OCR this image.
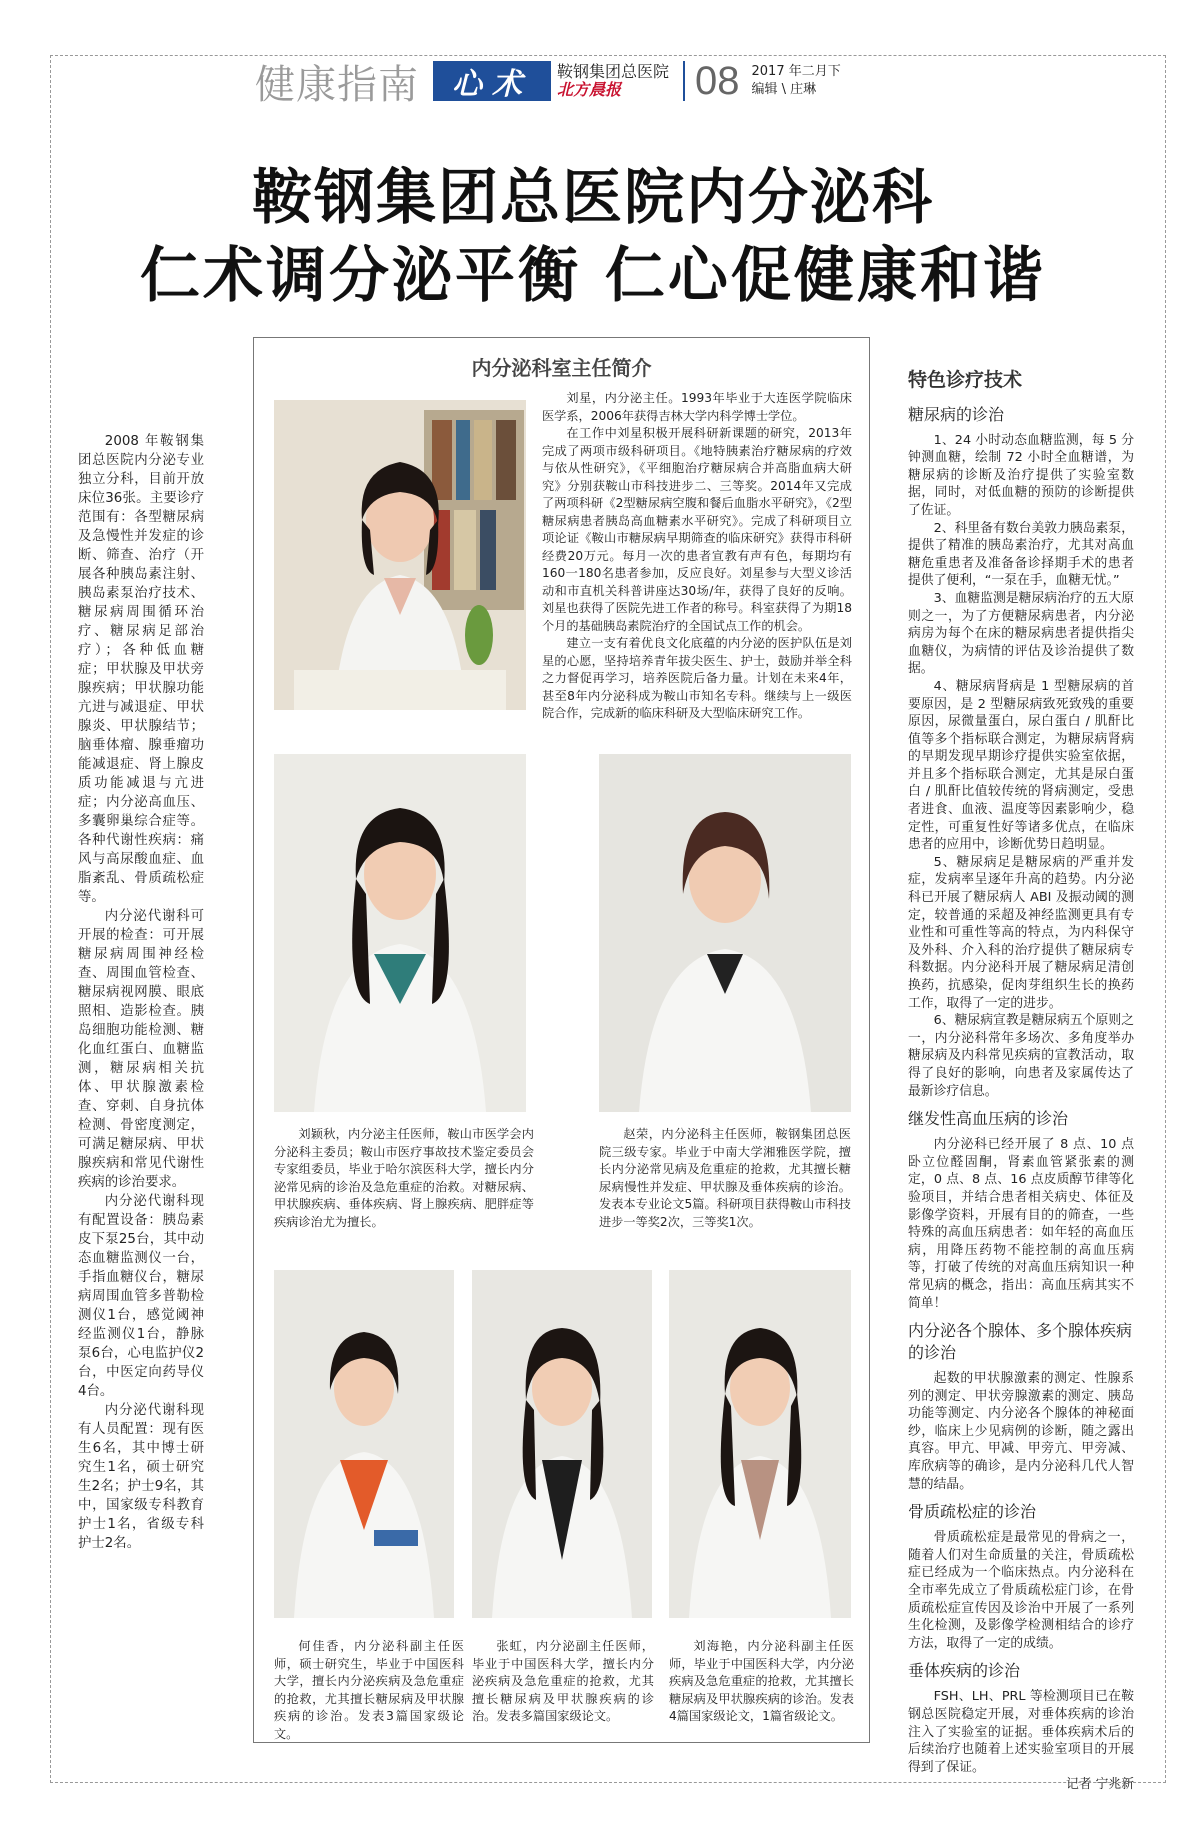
健康指南 心术 鞍钢集团总医院
北方晨报	08 2017 年二月下
编辑 \ 庄琳
鞍钢集团总医院内分泌科
仁术调分泌平衡 仁心促健康和谐

2008 年鞍钢集团总医院内分泌专业独立分科，目前开放床位36张。主要诊疗范围有：各型糖尿病及急慢性并发症的诊断、筛查、治疗（开展各种胰岛素注射、胰岛素泵治疗技术、糖尿病周围循环治疗、糖尿病足部治疗）；各种低血糖症；甲状腺及甲状旁腺疾病；甲状腺功能亢进与减退症、甲状腺炎、甲状腺结节；脑垂体瘤、腺垂瘤功能减退症、肾上腺皮质功能减退与亢进症；内分泌高血压、多囊卵巢综合症等。各种代谢性疾病：痛风与高尿酸血症、血脂紊乱、骨质疏松症等。

内分泌代谢科可开展的检查：可开展糖尿病周围神经检查、周围血管检查、糖尿病视网膜、眼底照相、造影检查。胰岛细胞功能检测、糖化血红蛋白、血糖监测，糖尿病相关抗体、甲状腺激素检查、穿刺、自身抗体检测、骨密度测定，可满足糖尿病、甲状腺疾病和常见代谢性疾病的诊治要求。

内分泌代谢科现有配置设备：胰岛素皮下泵25台，其中动态血糖监测仪一台，手指血糖仪台，糖尿病周围血管多普勒检测仪1台，感觉阈神经监测仪1台，静脉泵6台，心电监护仪2台，中医定向药导仪4台。

内分泌代谢科现有人员配置：现有医生6名，其中博士研究生1名，硕士研究生2名；护士9名，其中，国家级专科教育护士1名，省级专科护士2名。

内分泌科室主任简介

刘星，内分泌主任。1993年毕业于大连医学院临床医学系，2006年获得吉林大学内科学博士学位。

在工作中刘星积极开展科研新课题的研究，2013年完成了两项市级科研项目。《地特胰素治疗糖尿病的疗效与依从性研究》，《平细胞治疗糖尿病合并高脂血病大研究》分别获鞍山市科技进步二、三等奖。2014年又完成了两项科研《2型糖尿病空腹和餐后血脂水平研究》，《2型糖尿病患者胰岛高血糖素水平研究》。完成了科研项目立项论证《鞍山市糖尿病早期筛查的临床研究》获得市科研经费20万元。每月一次的患者宣教有声有色，每期均有160一180名患者参加，反应良好。刘星参与大型义诊活动和市直机关科普讲座达30场/年，获得了良好的反响。刘星也获得了医院先进工作者的称号。科室获得了为期18个月的基础胰岛素院治疗的全国试点工作的机会。

建立一支有着优良文化底蕴的内分泌的医护队伍是刘星的心愿，坚持培养青年拔尖医生、护士，鼓励并举全科之力督促再学习，培养医院后备力量。计划在未来4年，甚至8年内分泌科成为鞍山市知名专科。继续与上一级医院合作，完成新的临床科研及大型临床研究工作。

刘颖秋，内分泌主任医师，鞍山市医学会内分泌科主委员；鞍山市医疗事故技术鉴定委员会专家组委员，毕业于哈尔滨医科大学，擅长内分泌常见病的诊治及急危重症的治救。对糖尿病、甲状腺疾病、垂体疾病、肾上腺疾病、肥胖症等疾病诊治尤为擅长。

赵荣，内分泌科主任医师，鞍钢集团总医院三级专家。毕业于中南大学湘雅医学院，擅长内分泌常见病及危重症的抢救，尤其擅长糖尿病慢性并发症、甲状腺及垂体疾病的诊治。发表本专业论文5篇。科研项目获得鞍山市科技进步一等奖2次，三等奖1次。

何佳香，内分泌科副主任医师，硕士研究生，毕业于中国医科大学，擅长内分泌疾病及急危重症的抢救，尤其擅长糖尿病及甲状腺疾病的诊治。发表3篇国家级论文。

张虹，内分泌副主任医师，毕业于中国医科大学，擅长内分泌疾病及急危重症的抢救，尤其擅长糖尿病及甲状腺疾病的诊治。发表多篇国家级论文。

刘海艳，内分泌科副主任医师，毕业于中国医科大学，内分泌疾病及急危重症的抢救，尤其擅长糖尿病及甲状腺疾病的诊治。发表4篇国家级论文，1篇省级论文。

特色诊疗技术
糖尿病的诊治

1、24 小时动态血糖监测，每 5 分钟测血糖，绘制 72 小时全血糖谱，为糖尿病的诊断及治疗提供了实验室数据，同时，对低血糖的预防的诊断提供了佐证。

2、科里备有数台美敦力胰岛素泵，提供了精准的胰岛素治疗，尤其对高血糖危重患者及准备备诊择期手术的患者提供了便利，“一泵在手，血糖无忧。”

3、血糖监测是糖尿病治疗的五大原则之一，为了方便糖尿病患者，内分泌病房为每个在床的糖尿病患者提供指尖血糖仪，为病情的评估及诊治提供了数据。

4、糖尿病肾病是 1 型糖尿病的首要原因，是 2 型糖尿病致死致残的重要原因，尿微量蛋白，尿白蛋白 / 肌酐比值等多个指标联合测定，为糖尿病肾病的早期发现早期诊疗提供实验室依据，并且多个指标联合测定，尤其是尿白蛋白 / 肌酐比值较传统的肾病测定，受患者进食、血液、温度等因素影响少，稳定性，可重复性好等诸多优点，在临床患者的应用中，诊断优势日趋明显。

5、糖尿病足是糖尿病的严重并发症，发病率呈逐年升高的趋势。内分泌科已开展了糖尿病人 ABI 及振动阈的测定，较普通的采超及神经监测更具有专业性和可重性等高的特点，为内科保守及外科、介入科的治疗提供了糖尿病专科数据。内分泌科开展了糖尿病足清创换药，抗感染，促肉芽组织生长的换药工作，取得了一定的进步。

6、糖尿病宣教是糖尿病五个原则之一，内分泌科常年多场次、多角度举办糖尿病及内科常见疾病的宣教活动，取得了良好的影响，向患者及家属传达了最新诊疗信息。

继发性高血压病的诊治

内分泌科已经开展了 8 点、10 点卧立位醛固酮，肾素血管紧张素的测定，0 点、8 点、16 点皮质醇节律等化验项目，并结合患者相关病史、体征及影像学资料，开展有目的的筛查，一些特殊的高血压病患者：如年轻的高血压病，用降压药物不能控制的高血压病等，打破了传统的对高血压病知识一种常见病的概念，指出：高血压病其实不简单！

内分泌各个腺体、多个腺体疾病的诊治

起数的甲状腺激素的测定、性腺系列的测定、甲状旁腺激素的测定、胰岛功能等测定、内分泌各个腺体的神秘面纱，临床上少见病例的诊断，随之露出真容。甲亢、甲减、甲旁亢、甲旁减、库欣病等的确诊，是内分泌科几代人智慧的结晶。

骨质疏松症的诊治

骨质疏松症是最常见的骨病之一，随着人们对生命质量的关注，骨质疏松症已经成为一个临床热点。内分泌科在全市率先成立了骨质疏松症门诊，在骨质疏松症宣传因及诊治中开展了一系列生化检测，及影像学检测相结合的诊疗方法，取得了一定的成绩。

垂体疾病的诊治

FSH、LH、PRL 等检测项目已在鞍钢总医院稳定开展，对垂体疾病的诊治注入了实验室的证据。垂体疾病术后的后续治疗也随着上述实验室项目的开展得到了保证。

记者 宁兆新
